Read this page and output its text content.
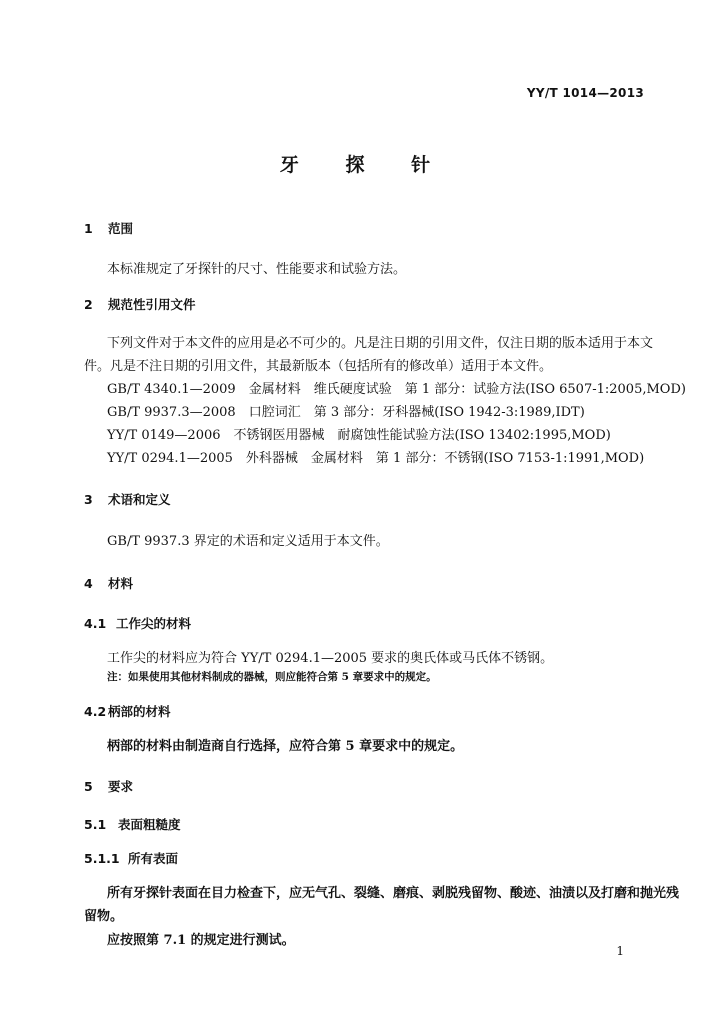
YY/T 1014—2013
牙 探 针
1 范围
本标准规定了牙探针的尺寸、性能要求和试验方法。
2 规范性引用文件
下列文件对于本文件的应用是必不可少的。凡是注日期的引用文件，仅注日期的版本适用于本文
件。凡是不注日期的引用文件，其最新版本（包括所有的修改单）适用于本文件。
GB/T 4340.1—2009　金属材料　维氏硬度试验　第 1 部分：试验方法(ISO 6507-1:2005,MOD)
GB/T 9937.3—2008　口腔词汇　第 3 部分：牙科器械(ISO 1942-3:1989,IDT)
YY/T 0149—2006　不锈钢医用器械　耐腐蚀性能试验方法(ISO 13402:1995,MOD)
YY/T 0294.1—2005　外科器械　金属材料　第 1 部分：不锈钢(ISO 7153-1:1991,MOD)
3 术语和定义
GB/T 9937.3 界定的术语和定义适用于本文件。
4 材料
4.1 工作尖的材料
工作尖的材料应为符合 YY/T 0294.1—2005 要求的奥氏体或马氏体不锈钢。
注：如果使用其他材料制成的器械，则应能符合第 5 章要求中的规定。
4.2 柄部的材料
柄部的材料由制造商自行选择，应符合第 5 章要求中的规定。
5 要求
5.1 表面粗糙度
5.1.1 所有表面
所有牙探针表面在目力检查下，应无气孔、裂缝、磨痕、剥脱残留物、酸迹、油渍以及打磨和抛光残
留物。
应按照第 7.1 的规定进行测试。
1
